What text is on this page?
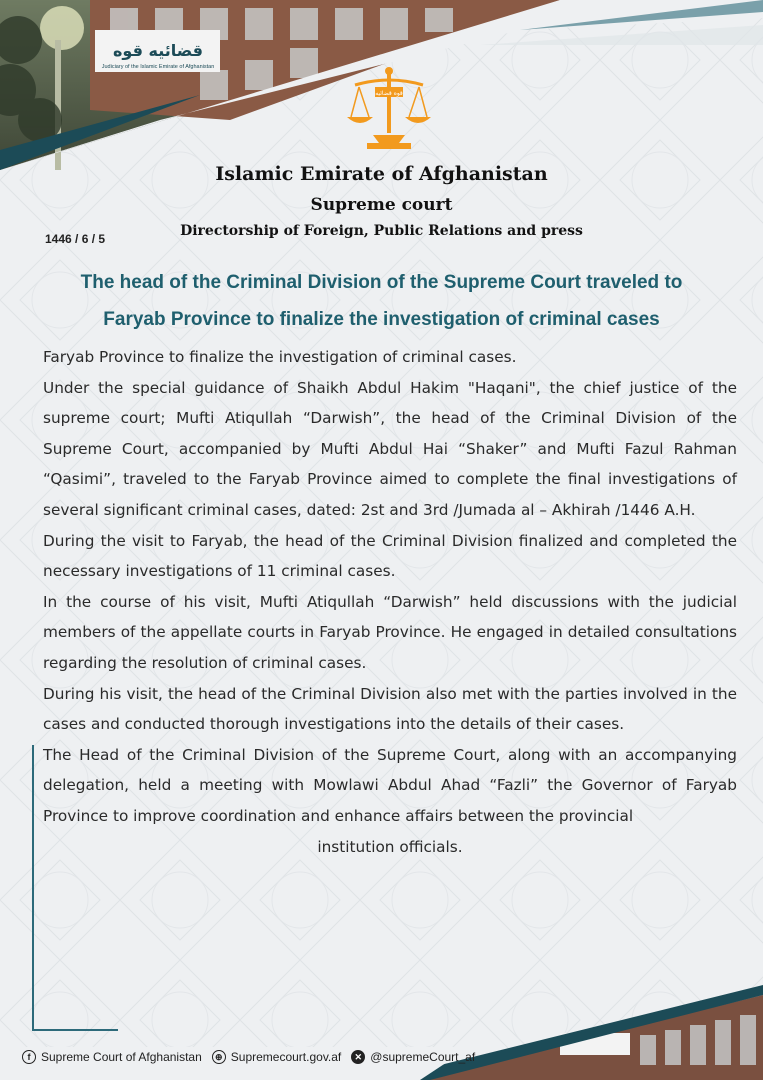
قضائیه قوه
Judiciary of the Islamic Emirate of Afghanistan
قوه قضائیه
Islamic Emirate of Afghanistan
Supreme court
Directorship of Foreign, Public Relations and press
1446 / 6 / 5
The head of the Criminal Division of the Supreme Court traveled to
Faryab Province to finalize the investigation of criminal cases

Faryab Province to finalize the investigation of criminal cases.

Under the special guidance of Shaikh Abdul Hakim "Haqani", the chief justice of the supreme court; Mufti Atiqullah “Darwish”, the head of the Criminal Division of the Supreme Court, accompanied by Mufti Abdul Hai “Shaker” and Mufti Fazul Rahman “Qasimi”, traveled to the Faryab Province aimed to complete the final investigations of several significant criminal cases, dated: 2st and 3rd /Jumada al – Akhirah /1446 A.H.

During the visit to Faryab, the head of the Criminal Division finalized and completed the necessary investigations of 11 criminal cases.

In the course of his visit, Mufti Atiqullah “Darwish” held discussions with the judicial members of the appellate courts in Faryab Province. He engaged in detailed consultations regarding the resolution of criminal cases.

During his visit, the head of the Criminal Division also met with the parties involved in the cases and conducted thorough investigations into the details of their cases.

The Head of the Criminal Division of the Supreme Court, along with an accompanying delegation, held a meeting with Mowlawi Abdul Ahad “Fazli” the Governor of Faryab Province to improve coordination and enhance affairs between the provincial

institution officials.

f Supreme Court of Afghanistan	⊕ Supremecourt.gov.af	✕ @supremeCourt_af
